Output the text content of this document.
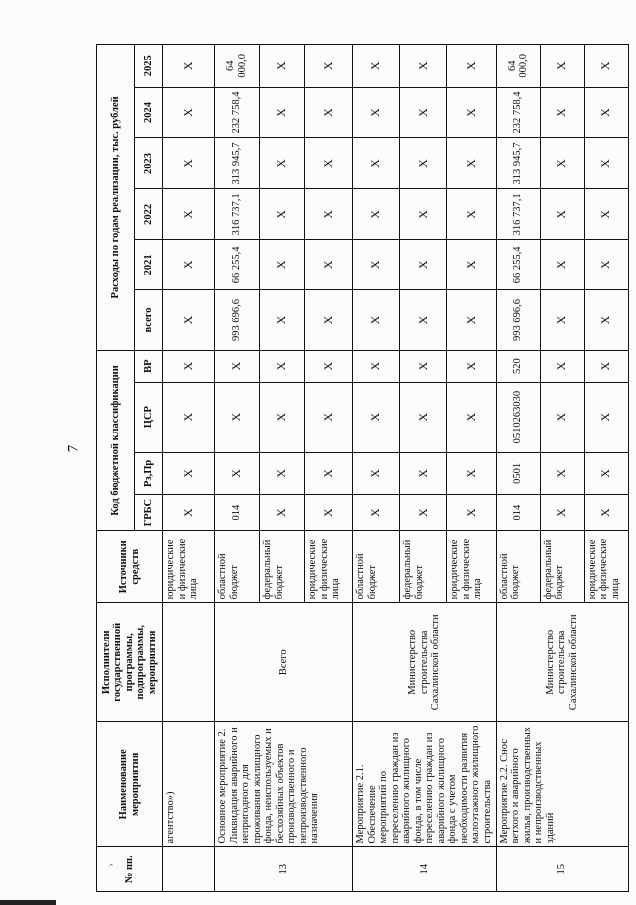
7
› № пп.	Наименование мероприятия	Исполнители государственной программы, подпрограммы, мероприятия	Источники средств	Код бюджетной классификации				Расходы по годам реализации, тыс. рублей					
				ГРБС	Рз,Пр	ЦСР	ВР	всего	2021	2022	2023	2024	2025
	агентство»)		юридические и физические лица	Х	Х	Х	Х	Х	Х	Х	Х	Х	Х
13	Основное мероприятие 2. Ликвидация аварийного и непригодного для проживания жилищного фонда, неиспользуемых и бесхозяйных объектов производственного и непроизводственного назначения	Всего	областной бюджет	014	Х	Х	Х	993 696,6	66 255,4	316 737,1	313 945,7	232 758,4	64 000,0
			федеральный бюджет	Х	Х	Х	Х	Х	Х	Х	Х	Х	Х
			юридические и физические лица	Х	Х	Х	Х	Х	Х	Х	Х	Х	Х
14	Мероприятие 2.1. Обеспечение мероприятий по переселению граждан из аварийного жилищного фонда, в том числе переселению граждан из аварийного жилищного фонда с учетом необходимости развития малоэтажного жилищного строительства	Министерство строительства Сахалинской области	областной бюджет	Х	Х	Х	Х	Х	Х	Х	Х	Х	Х
			федеральный бюджет	Х	Х	Х	Х	Х	Х	Х	Х	Х	Х
			юридические и физические лица	Х	Х	Х	Х	Х	Х	Х	Х	Х	Х
15	Мероприятие 2.2. Снос ветхого и аварийного жилья, производственных и непроизводственных зданий	Министерство строительства Сахалинской области	областной бюджет	014	0501	0510263030	520	993 696,6	66 255,4	316 737,1	313 945,7	232 758,4	64 000,0
			федеральный бюджет	Х	Х	Х	Х	Х	Х	Х	Х	Х	Х
			юридические и физические лица	Х	Х	Х	Х	Х	Х	Х	Х	Х	Х
